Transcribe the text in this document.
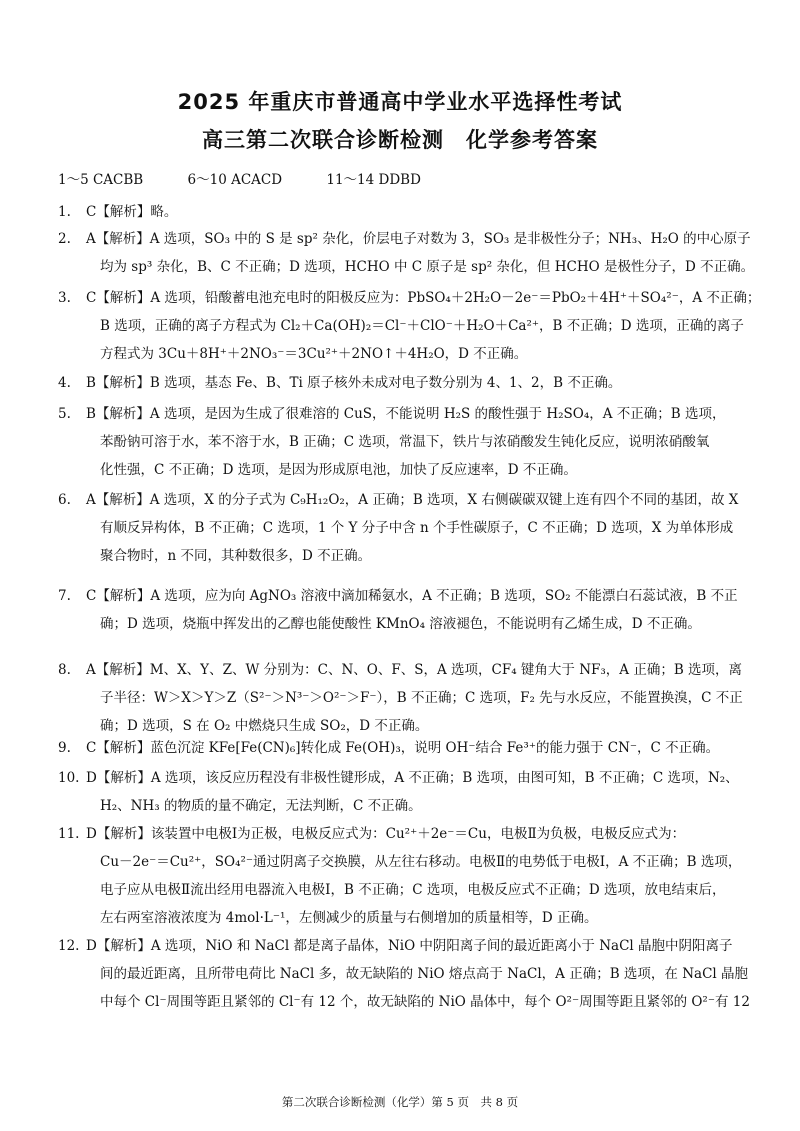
2025 年重庆市普通高中学业水平选择性考试
高三第二次联合诊断检测　化学参考答案
1～5 CACBB	6～10 ACACD	11～14 DDBD
1. C【解析】略。
2. A【解析】A 选项，SO₃ 中的 S 是 sp² 杂化，价层电子对数为 3，SO₃ 是非极性分子；NH₃、H₂O 的中心原子
均为 sp³ 杂化，B、C 不正确；D 选项，HCHO 中 C 原子是 sp² 杂化，但 HCHO 是极性分子，D 不正确。
3. C【解析】A 选项，铅酸蓄电池充电时的阳极反应为：PbSO₄＋2H₂O－2e⁻＝PbO₂＋4H⁺＋SO₄²⁻，A 不正确；
B 选项，正确的离子方程式为 Cl₂＋Ca(OH)₂＝Cl⁻＋ClO⁻＋H₂O＋Ca²⁺，B 不正确；D 选项，正确的离子
方程式为 3Cu＋8H⁺＋2NO₃⁻＝3Cu²⁺＋2NO↑＋4H₂O，D 不正确。
4. B【解析】B 选项，基态 Fe、B、Ti 原子核外未成对电子数分别为 4、1、2，B 不正确。
5. B【解析】A 选项，是因为生成了很难溶的 CuS，不能说明 H₂S 的酸性强于 H₂SO₄，A 不正确；B 选项，
苯酚钠可溶于水，苯不溶于水，B 正确；C 选项，常温下，铁片与浓硝酸发生钝化反应，说明浓硝酸氧
化性强，C 不正确；D 选项，是因为形成原电池，加快了反应速率，D 不正确。
6. A【解析】A 选项，X 的分子式为 C₉H₁₂O₂，A 正确；B 选项，X 右侧碳碳双键上连有四个不同的基团，故 X
有顺反异构体，B 不正确；C 选项，1 个 Y 分子中含 n 个手性碳原子，C 不正确；D 选项，X 为单体形成
聚合物时，n 不同，其种数很多，D 不正确。
7. C【解析】A 选项，应为向 AgNO₃ 溶液中滴加稀氨水，A 不正确；B 选项，SO₂ 不能漂白石蕊试液，B 不正
确；D 选项，烧瓶中挥发出的乙醇也能使酸性 KMnO₄ 溶液褪色，不能说明有乙烯生成，D 不正确。
8. A【解析】M、X、Y、Z、W 分别为：C、N、O、F、S，A 选项，CF₄ 键角大于 NF₃，A 正确；B 选项，离
子半径：W＞X＞Y＞Z（S²⁻＞N³⁻＞O²⁻＞F⁻），B 不正确；C 选项，F₂ 先与水反应，不能置换溴，C 不正
确；D 选项，S 在 O₂ 中燃烧只生成 SO₂，D 不正确。
9. C【解析】蓝色沉淀 KFe[Fe(CN)₆]转化成 Fe(OH)₃，说明 OH⁻结合 Fe³⁺的能力强于 CN⁻，C 不正确。
10. D【解析】A 选项，该反应历程没有非极性键形成，A 不正确；B 选项，由图可知，B 不正确；C 选项，N₂、
H₂、NH₃ 的物质的量不确定，无法判断，C 不正确。
11. D【解析】该装置中电极Ⅰ为正极，电极反应式为：Cu²⁺＋2e⁻＝Cu，电极Ⅱ为负极，电极反应式为：
Cu－2e⁻＝Cu²⁺，SO₄²⁻通过阴离子交换膜，从左往右移动。电极Ⅱ的电势低于电极Ⅰ，A 不正确；B 选项，
电子应从电极Ⅱ流出经用电器流入电极Ⅰ，B 不正确；C 选项，电极反应式不正确；D 选项，放电结束后，
左右两室溶液浓度为 4mol·L⁻¹，左侧减少的质量与右侧增加的质量相等，D 正确。
12. D【解析】A 选项，NiO 和 NaCl 都是离子晶体，NiO 中阴阳离子间的最近距离小于 NaCl 晶胞中阴阳离子
间的最近距离，且所带电荷比 NaCl 多，故无缺陷的 NiO 熔点高于 NaCl，A 正确；B 选项，在 NaCl 晶胞
中每个 Cl⁻周围等距且紧邻的 Cl⁻有 12 个，故无缺陷的 NiO 晶体中，每个 O²⁻周围等距且紧邻的 O²⁻有 12
第二次联合诊断检测（化学）第 5 页　共 8 页
